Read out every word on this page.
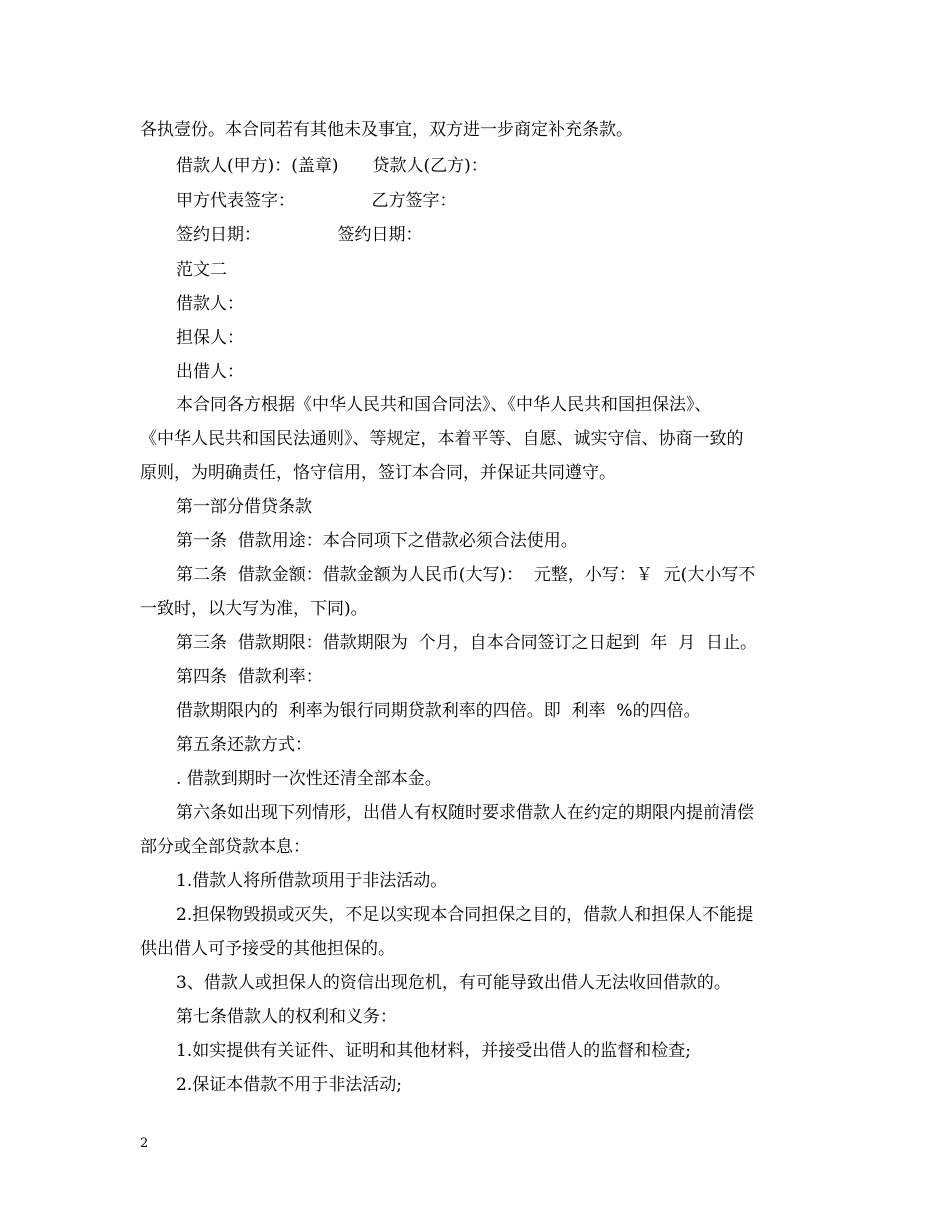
各执壹份。本合同若有其他未及事宜，双方进一步商定补充条款。
借款人(甲方)：(盖章)　　贷款人(乙方)：
甲方代表签字：　　　　　乙方签字：
签约日期：　　　　　签约日期：
范文二
借款人：
担保人：
出借人：
本合同各方根据《中华人民共和国合同法》、《中华人民共和国担保法》、
《中华人民共和国民法通则》、等规定，本着平等、自愿、诚实守信、协商一致的
原则，为明确责任，恪守信用，签订本合同，并保证共同遵守。
第一部分借贷条款
第一条  借款用途：本合同项下之借款必须合法使用。
第二条  借款金额：借款金额为人民币(大写)：  元整，小写：￥  元(大小写不
一致时，以大写为准，下同)。
第三条  借款期限：借款期限为  个月，自本合同签订之日起到  年  月  日止。
第四条  借款利率：
借款期限内的  利率为银行同期贷款利率的四倍。即  利率  %的四倍。
第五条还款方式：
. 借款到期时一次性还清全部本金。
第六条如出现下列情形，出借人有权随时要求借款人在约定的期限内提前清偿
部分或全部贷款本息：
1.借款人将所借款项用于非法活动。
2.担保物毁损或灭失，不足以实现本合同担保之目的，借款人和担保人不能提
供出借人可予接受的其他担保的。
3、借款人或担保人的资信出现危机，有可能导致出借人无法收回借款的。
第七条借款人的权利和义务：
1.如实提供有关证件、证明和其他材料，并接受出借人的监督和检查;
2.保证本借款不用于非法活动;
2
